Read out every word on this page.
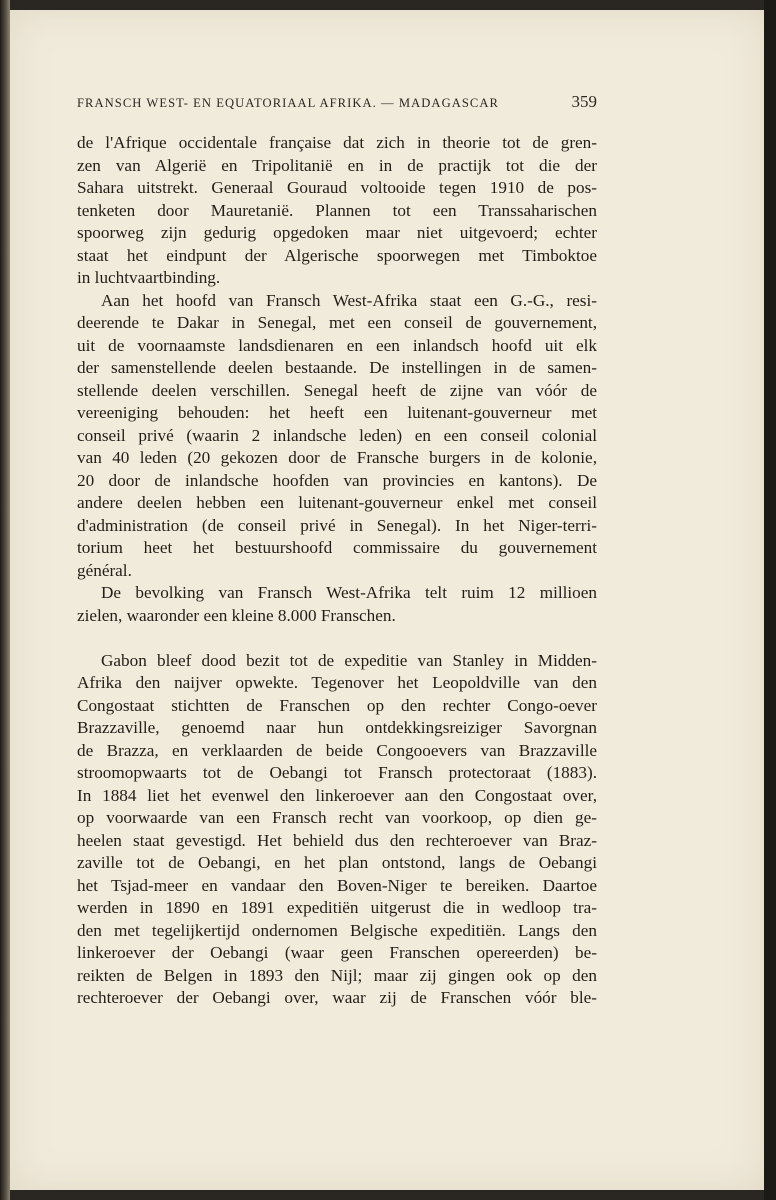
FRANSCH WEST- EN EQUATORIAAL AFRIKA. — MADAGASCAR	359
de l'Afrique occidentale française dat zich in theorie tot de gren-
zen van Algerië en Tripolitanië en in de practijk tot die der
Sahara uitstrekt. Generaal Gouraud voltooide tegen 1910 de pos-
tenketen door Mauretanië. Plannen tot een Transsaharischen
spoorweg zijn gedurig opgedoken maar niet uitgevoerd; echter
staat het eindpunt der Algerische spoorwegen met Timboktoe
in luchtvaartbinding.
Aan het hoofd van Fransch West-Afrika staat een G.-G., resi-
deerende te Dakar in Senegal, met een conseil de gouvernement,
uit de voornaamste landsdienaren en een inlandsch hoofd uit elk
der samenstellende deelen bestaande. De instellingen in de samen-
stellende deelen verschillen. Senegal heeft de zijne van vóór de
vereeniging behouden: het heeft een luitenant-gouverneur met
conseil privé (waarin 2 inlandsche leden) en een conseil colonial
van 40 leden (20 gekozen door de Fransche burgers in de kolonie,
20 door de inlandsche hoofden van provincies en kantons). De
andere deelen hebben een luitenant-gouverneur enkel met conseil
d'administration (de conseil privé in Senegal). In het Niger-terri-
torium heet het bestuurshoofd commissaire du gouvernement
général.
De bevolking van Fransch West-Afrika telt ruim 12 millioen
zielen, waaronder een kleine 8.000 Franschen.
Gabon bleef dood bezit tot de expeditie van Stanley in Midden-
Afrika den naijver opwekte. Tegenover het Leopoldville van den
Congostaat stichtten de Franschen op den rechter Congo-oever
Brazzaville, genoemd naar hun ontdekkingsreiziger Savorgnan
de Brazza, en verklaarden de beide Congooevers van Brazzaville
stroomopwaarts tot de Oebangi tot Fransch protectoraat (1883).
In 1884 liet het evenwel den linkeroever aan den Congostaat over,
op voorwaarde van een Fransch recht van voorkoop, op dien ge-
heelen staat gevestigd. Het behield dus den rechteroever van Braz-
zaville tot de Oebangi, en het plan ontstond, langs de Oebangi
het Tsjad-meer en vandaar den Boven-Niger te bereiken. Daartoe
werden in 1890 en 1891 expeditiën uitgerust die in wedloop tra-
den met tegelijkertijd ondernomen Belgische expeditiën. Langs den
linkeroever der Oebangi (waar geen Franschen opereerden) be-
reikten de Belgen in 1893 den Nijl; maar zij gingen ook op den
rechteroever der Oebangi over, waar zij de Franschen vóór ble-
